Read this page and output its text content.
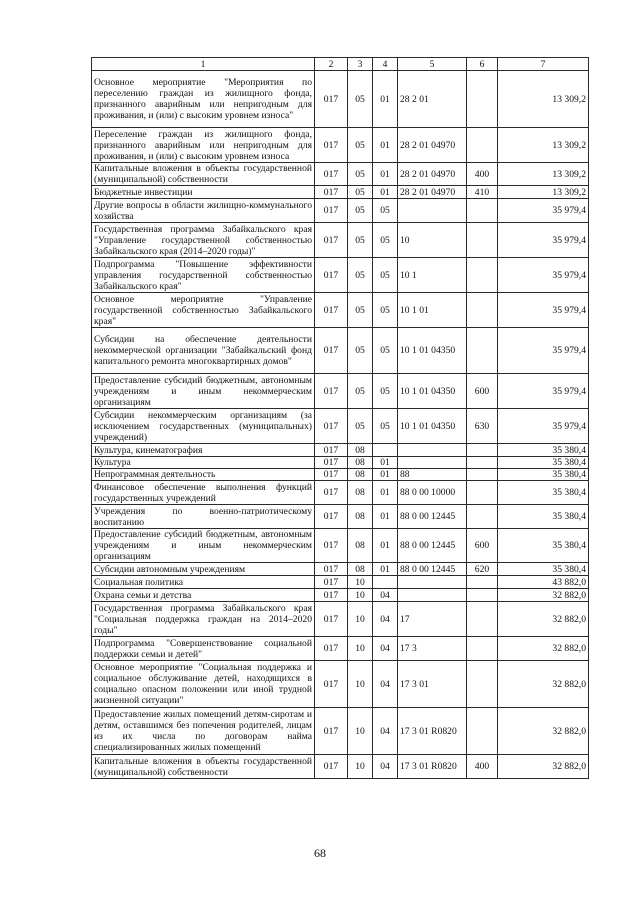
1	2	3	4	5	6	7
Основное мероприятие "Мероприятия по переселению граждан из жилищного фонда, признанного аварийным или непригодным для проживания, и (или) с высоким уровнем износа"	017	05	01	28 2 01		13 309,2
Переселение граждан из жилищного фонда, признанного аварийным или непригодным для проживания, и (или) с высоким уровнем износа	017	05	01	28 2 01 04970		13 309,2
Капитальные вложения в объекты государственной (муниципальной) собственности	017	05	01	28 2 01 04970	400	13 309,2
Бюджетные инвестиции	017	05	01	28 2 01 04970	410	13 309,2
Другие вопросы в области жилищно-коммунального хозяйства	017	05	05			35 979,4
Государственная программа Забайкальского края "Управление государственной собственностью Забайкальского края (2014–2020 годы)"	017	05	05	10		35 979,4
Подпрограмма "Повышение эффективности управления государственной собственностью Забайкальского края"	017	05	05	10 1		35 979,4
Основное мероприятие "Управление государственной собственностью Забайкальского края"	017	05	05	10 1 01		35 979,4
Субсидии на обеспечение деятельности некоммерческой организации "Забайкальский фонд капитального ремонта многоквартирных домов"	017	05	05	10 1 01 04350		35 979,4
Предоставление субсидий бюджетным, автономным учреждениям и иным некоммерческим организациям	017	05	05	10 1 01 04350	600	35 979,4
Субсидии некоммерческим организациям (за исключением государственных (муниципальных) учреждений)	017	05	05	10 1 01 04350	630	35 979,4
Культура, кинематография	017	08				35 380,4
Культура	017	08	01			35 380,4
Непрограммная деятельность	017	08	01	88		35 380,4
Финансовое обеспечение выполнения функций государственных учреждений	017	08	01	88 0 00 10000		35 380,4
Учреждения по военно-патриотическому воспитанию	017	08	01	88 0 00 12445		35 380,4
Предоставление субсидий бюджетным, автономным учреждениям и иным некоммерческим организациям	017	08	01	88 0 00 12445	600	35 380,4
Субсидии автономным учреждениям	017	08	01	88 0 00 12445	620	35 380,4
Социальная политика	017	10				43 882,0
Охрана семьи и детства	017	10	04			32 882,0
Государственная программа Забайкальского края "Социальная поддержка граждан на 2014–2020 годы"	017	10	04	17		32 882,0
Подпрограмма "Совершенствование социальной поддержки семьи и детей"	017	10	04	17 3		32 882,0
Основное мероприятие "Социальная поддержка и социальное обслуживание детей, находящихся в социально опасном положении или иной трудной жизненной ситуации"	017	10	04	17 3 01		32 882,0
Предоставление жилых помещений детям-сиротам и детям, оставшимся без попечения родителей, лицам из их числа по договорам найма специализированных жилых помещений	017	10	04	17 3 01 R0820		32 882,0
Капитальные вложения в объекты государственной (муниципальной) собственности	017	10	04	17 3 01 R0820	400	32 882,0
68
